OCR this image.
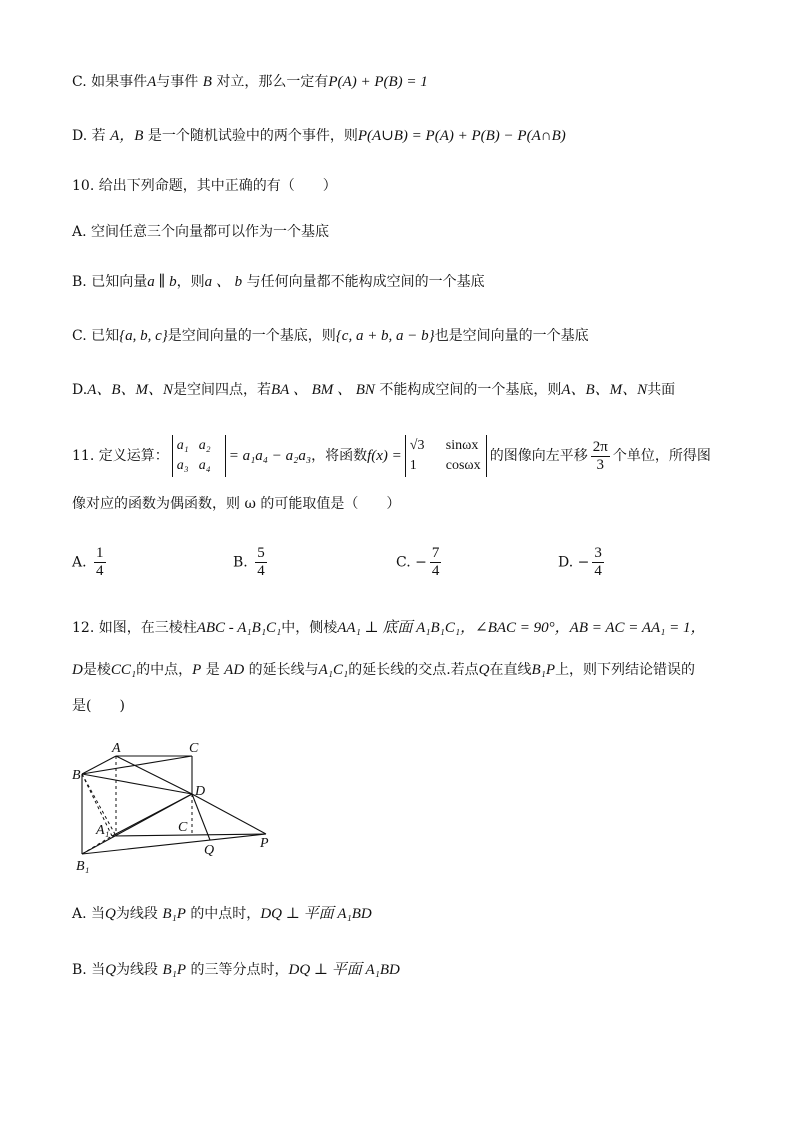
C. 如果事件A与事件 B 对立，那么一定有P(A) + P(B) = 1
D. 若 A，B 是一个随机试验中的两个事件，则P(A∪B) = P(A) + P(B) − P(A∩B)
10. 给出下列命题，其中正确的有（　　）
A. 空间任意三个向量都可以作为一个基底
B. 已知向量a ∥ b，则a 、 b 与任何向量都不能构成空间的一个基底
C. 已知{a, b, c}是空间向量的一个基底，则{c, a + b, a − b}也是空间向量的一个基底
D.A、B、M、N是空间四点，若BA 、 BM 、 BN 不能构成空间的一个基底，则A、B、M、N共面
11. 定义运算：
a₁ a₂
a₃ a₄
= a₁a₄ − a₂a₃，将函数f(x) =
√3 sinωx
1 cosωx
的图像向左平移 $\frac{2\pi}{3}$ 个单位，所得图
像对应的函数为偶函数，则 ω 的可能取值是（　　）
A. $\frac{1}{4}$	B. $\frac{5}{4}$	C. − $\frac{7}{4}$	D. − $\frac{3}{4}$
12. 如图，在三棱柱ABC - A₁B₁C₁中，侧棱AA₁ ⊥ 底面 A₁B₁C₁，∠BAC = 90°，AB = AC = AA₁ = 1，
D是棱CC₁的中点，P 是 AD 的延长线与A₁C₁的延长线的交点.若点Q在直线B₁P上，则下列结论错误的
是(　　)
A	C
B
D
A₁	C
Q	P
B₁
A. 当Q为线段 B₁P 的中点时，DQ ⊥ 平面 A₁BD
B. 当Q为线段 B₁P 的三等分点时，DQ ⊥ 平面 A₁BD
